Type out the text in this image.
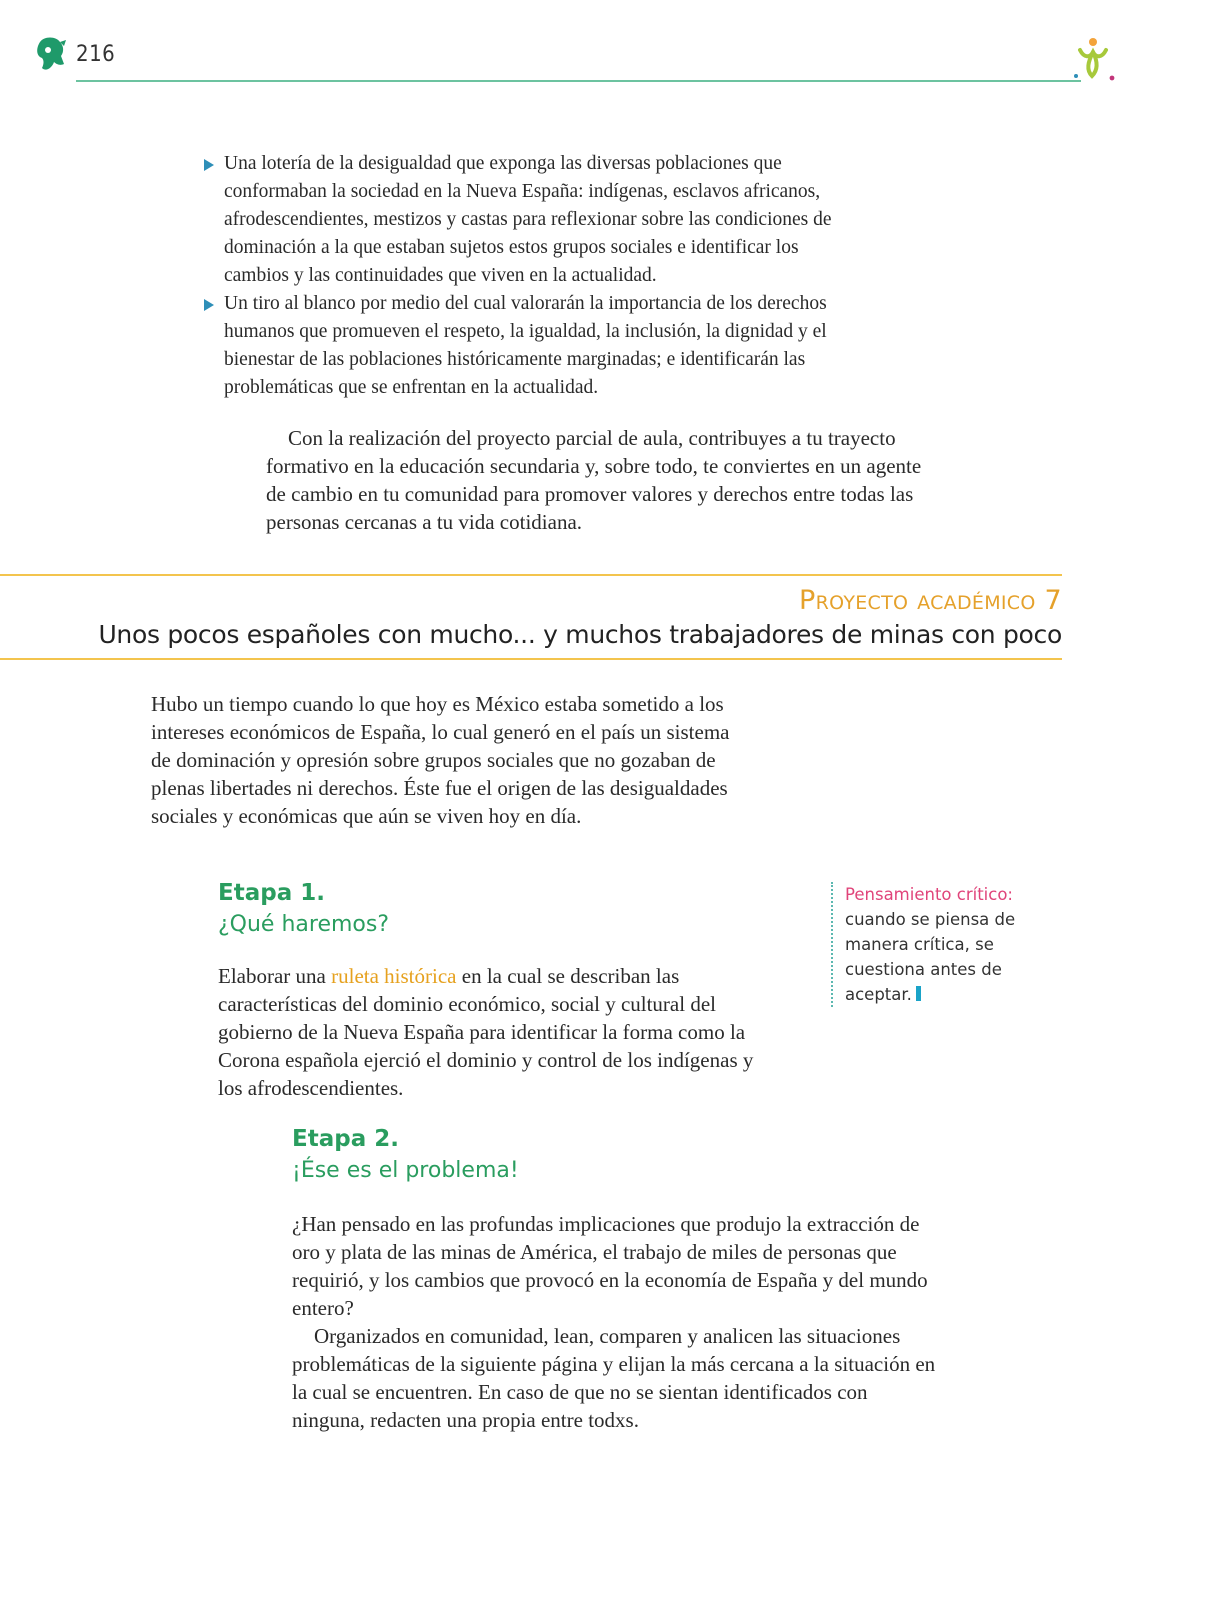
216
Una lotería de la desigualdad que exponga las diversas poblaciones que conformaban la sociedad en la Nueva España: indígenas, esclavos africanos, afrodescendientes, mestizos y castas para reflexionar sobre las condiciones de dominación a la que estaban sujetos estos grupos sociales e identificar los cambios y las continuidades que viven en la actualidad.
Un tiro al blanco por medio del cual valorarán la importancia de los derechos humanos que promueven el respeto, la igualdad, la inclusión, la dignidad y el bienestar de las poblaciones históricamente marginadas; e identificarán las problemáticas que se enfrentan en la actualidad.

Con la realización del proyecto parcial de aula, contribuyes a tu trayecto formativo en la educación secundaria y, sobre todo, te conviertes en un agente de cambio en tu comunidad para promover valores y derechos entre todas las personas cercanas a tu vida cotidiana.

Proyecto académico 7
Unos pocos españoles con mucho... y muchos trabajadores de minas con poco

Hubo un tiempo cuando lo que hoy es México estaba sometido a los intereses económicos de España, lo cual generó en el país un sistema de dominación y opresión sobre grupos sociales que no gozaban de plenas libertades ni derechos. Éste fue el origen de las desigualdades sociales y económicas que aún se viven hoy en día.

Etapa 1.
¿Qué haremos?

Elaborar una ruleta histórica en la cual se describan las características del dominio económico, social y cultural del gobierno de la Nueva España para identificar la forma como la Corona española ejerció el dominio y control de los indígenas y los afrodescendientes.

Pensamiento crítico:
cuando se piensa de manera crítica, se cuestiona antes de aceptar.
Etapa 2.
¡Ése es el problema!

¿Han pensado en las profundas implicaciones que produjo la extracción de oro y plata de las minas de América, el trabajo de miles de personas que requirió, y los cambios que provocó en la economía de España y del mundo entero?

Organizados en comunidad, lean, comparen y analicen las situaciones problemáticas de la siguiente página y elijan la más cercana a la situación en la cual se encuentren. En caso de que no se sientan identificados con ninguna, redacten una propia entre todxs.
